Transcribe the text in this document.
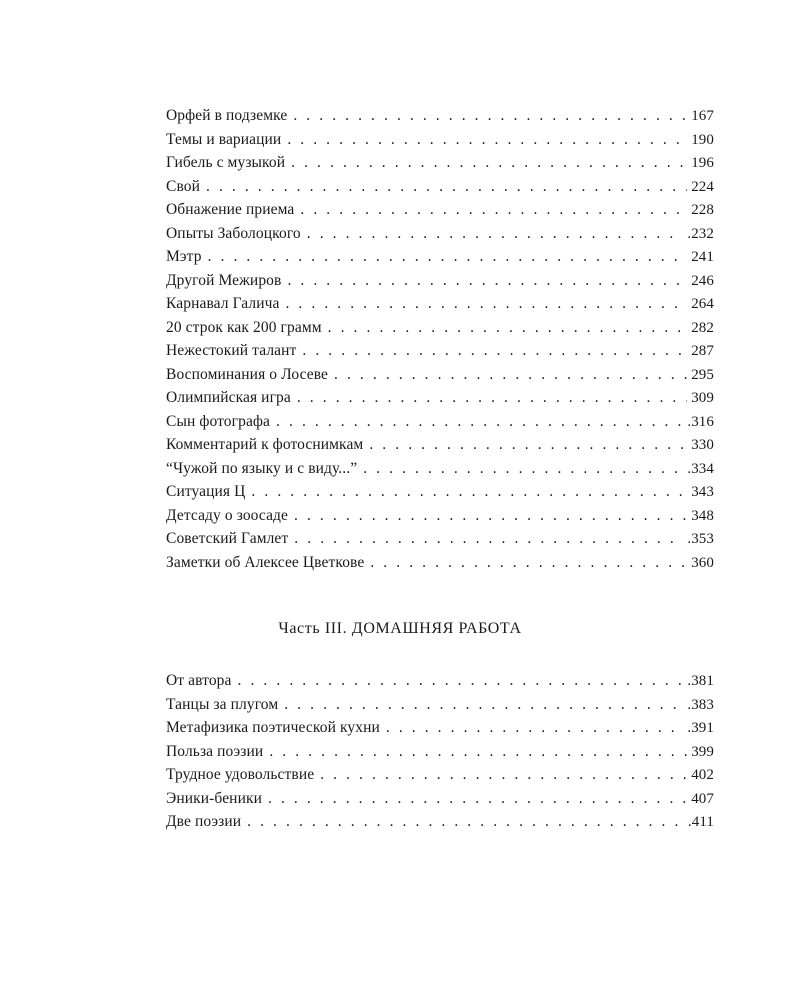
Орфей в подземке . . .	167
Темы и вариации . . .	190
Гибель с музыкой . . .	196
Свой . . .	224
Обнажение приема . . .	228
Опыты Заболоцкого . . .	.232
Мэтр . . .	241
Другой Межиров . . .	246
Карнавал Галича . . .	264
20 строк как 200 грамм . . .	282
Нежестокий талант . . .	287
Воспоминания о Лосеве . . .	295
Олимпийская игра . . .	309
Сын фотографа . . .	.316
Комментарий к фотоснимкам . . .	330
“Чужой по языку и с виду...” . . .	.334
Ситуация Ц . . .	343
Детсаду о зоосаде . . .	348
Советский Гамлет . . .	.353
Заметки об Алексее Цветкове . . .	360
Часть III. ДОМАШНЯЯ РАБОТА
От автора . . .	.381
Танцы за плугом . . .	.383
Метафизика поэтической кухни . . .	.391
Польза поэзии . . .	399
Трудное удовольствие . . .	402
Эники-беники . . .	407
Две поэзии . . .	.411
